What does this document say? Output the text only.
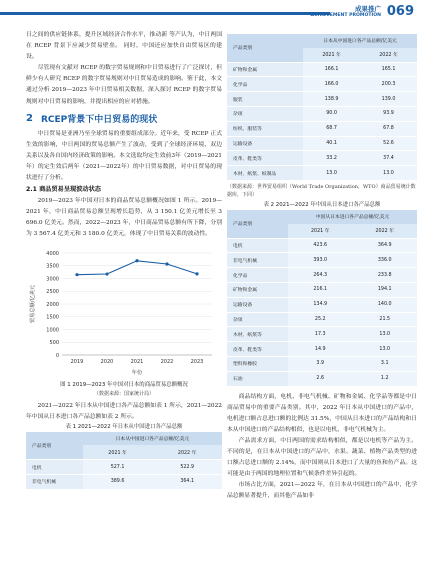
成果推广
ACHIEVEMENT PROMOTION 069

日之间的供应链体系，提升区域经济合作水平，推动新 等产认为，中日两国在 RCEP 背景下应减少贸易壁垒。 同时，中国还应加快自由贸易区的建设。

尽管现有文献对 RCEP 的数字贸易规则和中日贸易进行了广泛探讨，但鲜少有人研究 RCEP 的数字贸易规则对中日贸易造成的影响。鉴于此，本文通过分析 2019—2023 年中日贸易相关数据，深入探讨 RCEP 的数字贸易规则对中日贸易的影响，并提出相应的应对措施。

2 RCEP背景下中日贸易的现状

中日贸易是亚洲乃至全球贸易的重要组成部分。近年来，受 RCEP 正式生效的影响，中日两国的贸易总额产生了波动，受到了全球经济环境、双边关系以及各自国内经济政策的影响。本文选取均定生效前3年（2019—2021年）的定生效后两年（2021—2022年）的中日贸易数据，对中日贸易的现状进行了分析。

2.1 商品贸易呈现波动状态

2019—2023 年中国对日本的商品贸易总额概况如图 1 所示。2019—2021 年，中日商品贸易总额呈现增长趋势，从 3 150.1 亿美元增长至 3 696.0 亿美元。然而，2022—2023 年，中日商品贸易总额有所下降，分别为 3 567.4 亿美元和 3 180.0 亿美元，体现了中日贸易关系的波动性。

0
500
1000
1500
2000
2500
3000
3500
4000
2019	2020	2021	2022	2023
年份
贸易总额/亿美元
图 1 2019—2023 年中国对日本的商品贸易总额概况
（数据来源：国家统计局）

2021—2022 年日本从中国进口各产品总额如表 1 所示，2021—2022 年中国从日本进口各产品总额如表 2 所示。

表 1 2021—2022 年日本从中国进口各产品总额
产品类别	日本从中国进口各产品总额/亿美元	
	2021 年	2022 年
电机	527.1	522.9
非电气机械	389.6	364.1
产品类别	日本从中国进口各产品总额/亿美元	
	2021 年	2022 年
矿物和金属	166.1	165.1
化学品	166.0	200.3
服装	138.9	139.0
杂项	90.0	93.9
纺织、服装等	68.7	67.8
运输设备	40.1	52.6
皮革、鞋类等	33.2	37.4
木材、纸浆、纸制品	13.0	13.0
（数据来源：世界贸易组织（World Trade Organization，WTO）商品贸易统计数据库，下同）
表 2 2021—2022 年中国从日本进口各产品总额
产品类别	中国从日本进口各产品总额/亿美元	
	2021 年	2022 年
电机	423.6	364.9
非电气机械	393.0	336.0
化学品	264.3	233.8
矿物和金属	216.1	194.1
运输设备	134.9	140.0
杂项	25.2	21.5
木材、纸浆等	17.3	13.0
皮革、鞋类等	14.9	13.0
塑料和橡胶	3.9	3.1
石油	2.6	1.2

商品结构方面，电机、非电气机械、矿物和金属、化学品等都是中日商品贸易中的重要产品类别。其中，2022 年日本从中国进口的产品中，电机进口额占总进口额的比例达 31.5%，中国从日本进口的产品结构和日本从中国进口的产品结构相似，也是以电机、非电气机械为主。

产品需求方面，中日两国的需求结构相似，都是以电机等产品为主。不同的是，在日本从中国进口的产品中，水果、蔬菜、植物产品类型的进口额占总进口额的 2.14%，而中国则从日本进口了大量的鱼和鱼产品。这可能是由于两国的地理位置和气候条件差异引起的。

市场占比方面，2021—2022 年，在日本从中国进口的产品中，化学品总额显著提升，而其他产品如非
